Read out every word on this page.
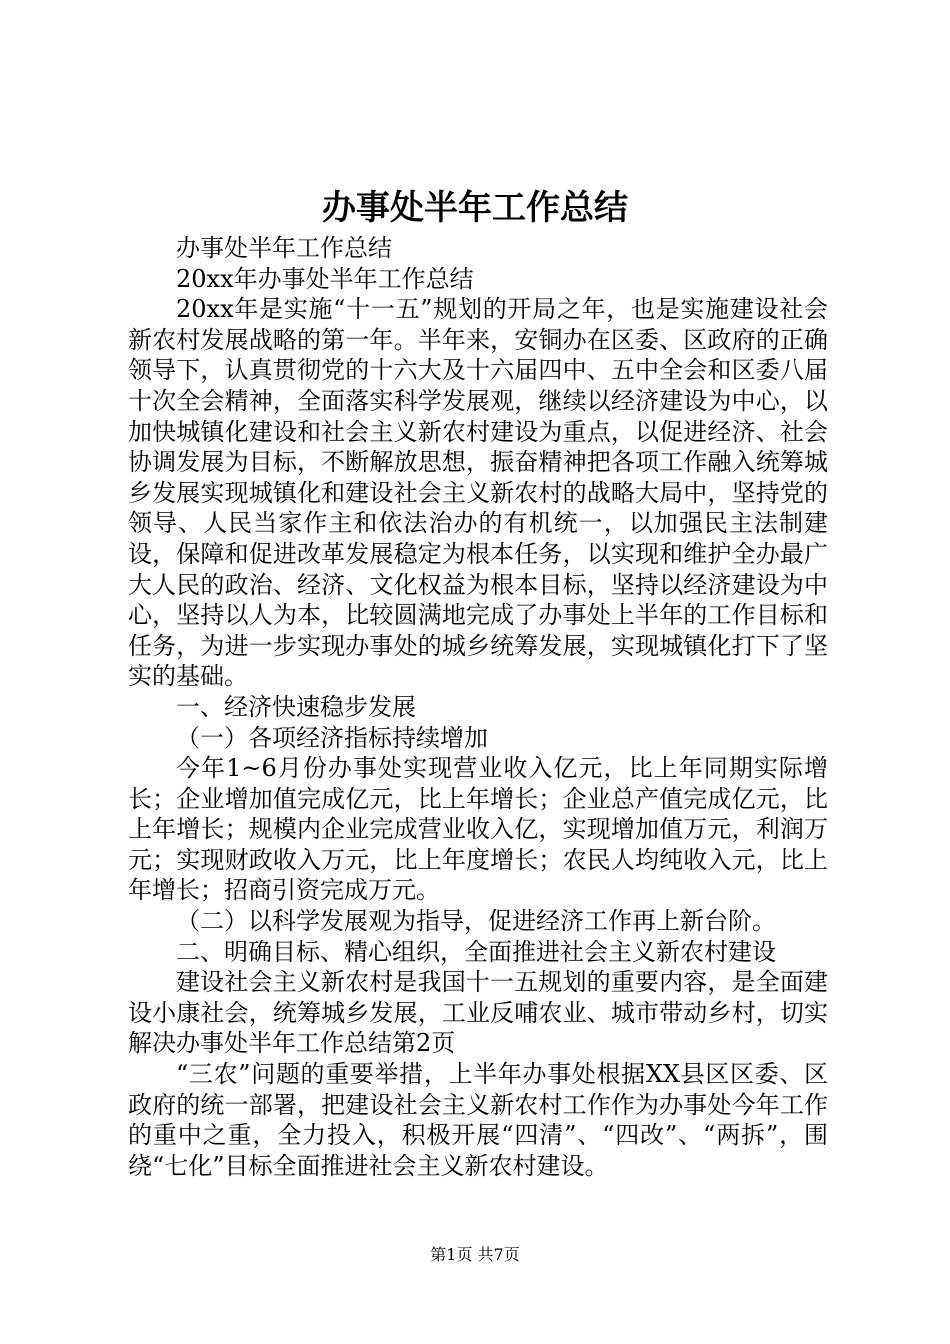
办事处半年工作总结

办事处半年工作总结

20xx年办事处半年工作总结

20xx年是实施“十一五”规划的开局之年，也是实施建设社会新农村发展战略的第一年。半年来，安铜办在区委、区政府的正确领导下，认真贯彻党的十六大及十六届四中、五中全会和区委八届十次全会精神，全面落实科学发展观，继续以经济建设为中心，以加快城镇化建设和社会主义新农村建设为重点，以促进经济、社会协调发展为目标，不断解放思想，振奋精神把各项工作融入统筹城乡发展实现城镇化和建设社会主义新农村的战略大局中，坚持党的领导、人民当家作主和依法治办的有机统一，以加强民主法制建设，保障和促进改革发展稳定为根本任务，以实现和维护全办最广大人民的政治、经济、文化权益为根本目标，坚持以经济建设为中心，坚持以人为本，比较圆满地完成了办事处上半年的工作目标和任务，为进一步实现办事处的城乡统筹发展，实现城镇化打下了坚实的基础。

一、经济快速稳步发展

（一）各项经济指标持续增加

今年1~6月份办事处实现营业收入亿元，比上年同期实际增长；企业增加值完成亿元，比上年增长；企业总产值完成亿元，比上年增长；规模内企业完成营业收入亿，实现增加值万元，利润万元；实现财政收入万元，比上年度增长；农民人均纯收入元，比上年增长；招商引资完成万元。

（二）以科学发展观为指导，促进经济工作再上新台阶。

二、明确目标、精心组织，全面推进社会主义新农村建设

建设社会主义新农村是我国十一五规划的重要内容，是全面建设小康社会，统筹城乡发展，工业反哺农业、城市带动乡村，切实解决办事处半年工作总结第2页

“三农”问题的重要举措，上半年办事处根据XX县区区委、区政府的统一部署，把建设社会主义新农村工作作为办事处今年工作的重中之重，全力投入，积极开展“四清”、“四改”、“两拆”，围绕“七化”目标全面推进社会主义新农村建设。

第1页 共7页
